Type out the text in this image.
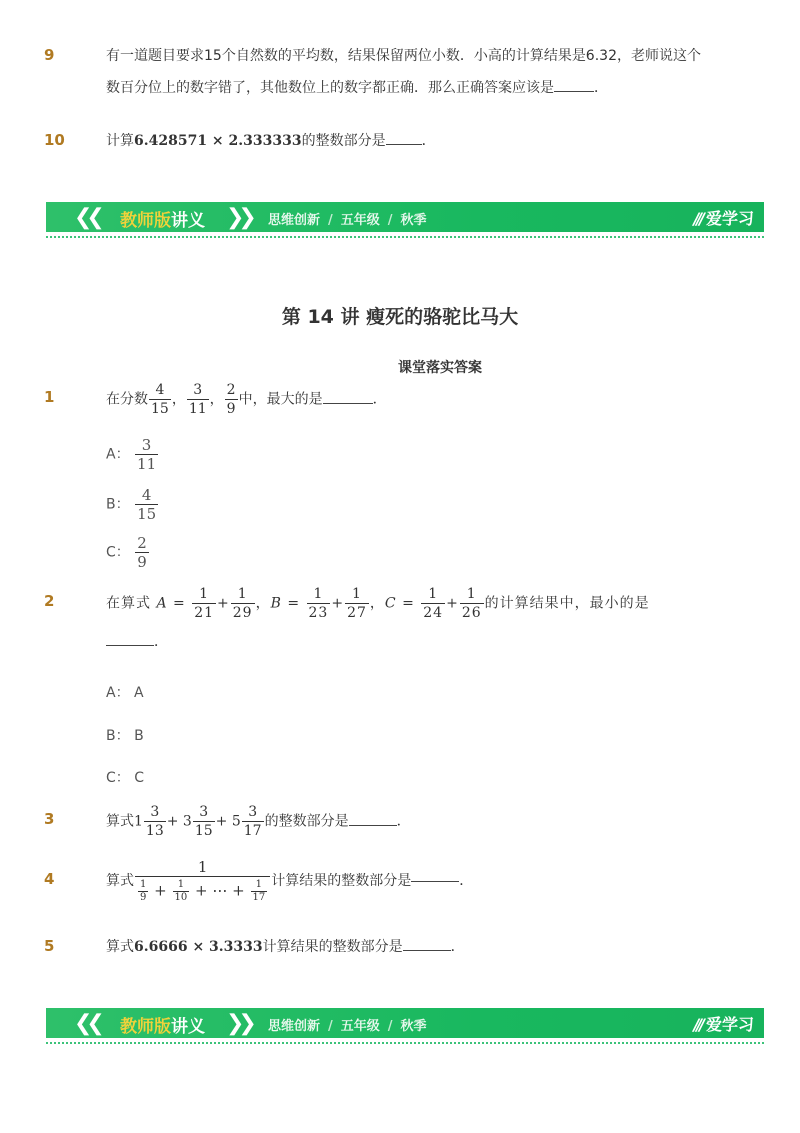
9	有一道题目要求15个自然数的平均数，结果保留两位小数．小高的计算结果是6.32，老师说这个
数百分位上的数字错了，其他数位上的数字都正确．那么正确答案应该是	．
10	计算6.428571 × 2.333333的整数部分是	．
❮❮ 教师版讲义 ❯❯ 思维创新 / 五年级 / 秋季	/// 爱学习
第 14 讲 瘦死的骆驼比马大
课堂落实答案
1	在分数 $\frac{4}{15}$ ， $\frac{3}{11}$ ， $\frac{2}{9}$ 中，最大的是	．
A： $\frac{3}{11}$
B： $\frac{4}{15}$
C： $\frac{2}{9}$
2	在算式 $A = \frac{1}{21} + \frac{1}{29}$ ，$B = \frac{1}{23} + \frac{1}{27}$ ，$C = \frac{1}{24} + \frac{1}{26}$ 的计算结果中，最小的是
．
A： A
B： B
C： C
3	算式$1 \frac{3}{13} + 3 \frac{3}{15} + 5 \frac{3}{17}$ 的整数部分是	．
4	算式 $\frac{1}{\frac{1}{9} + \frac{1}{10} + \cdots + \frac{1}{17}}$ 计算结果的整数部分是	．
5	算式6.6666 × 3.3333计算结果的整数部分是	．
❮❮ 教师版讲义 ❯❯ 思维创新 / 五年级 / 秋季	/// 爱学习
